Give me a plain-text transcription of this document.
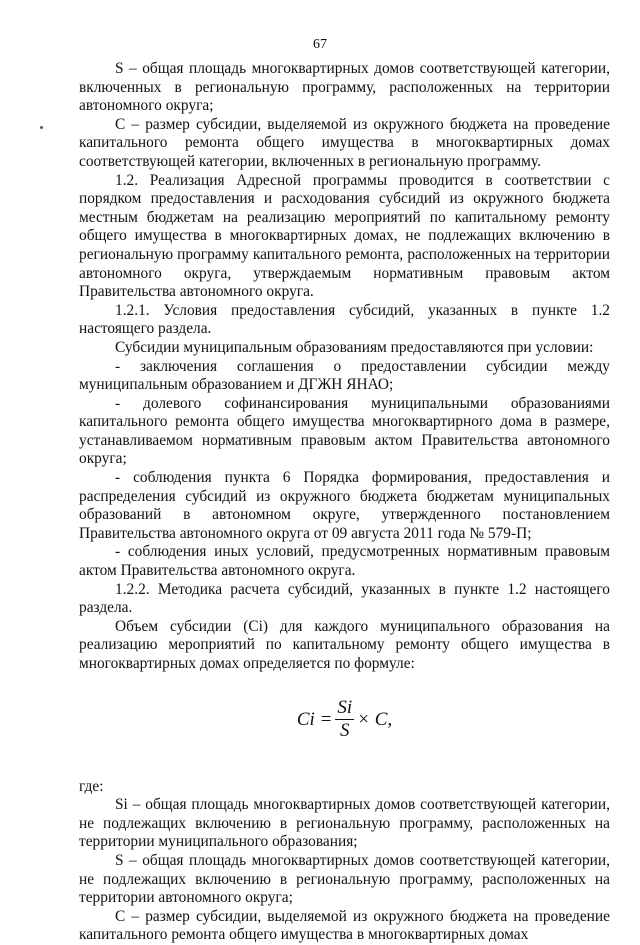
67

S – общая площадь многоквартирных домов соответствующей категории, включенных в региональную программу, расположенных на территории автономного округа;

С – размер субсидии, выделяемой из окружного бюджета на проведение капитального ремонта общего имущества в многоквартирных домах соответствующей категории, включенных в региональную программу.

1.2. Реализация Адресной программы проводится в соответствии с порядком предоставления и расходования субсидий из окружного бюджета местным бюджетам на реализацию мероприятий по капитальному ремонту общего имущества в многоквартирных домах, не подлежащих включению в региональную программу капитального ремонта, расположенных на территории автономного округа, утверждаемым нормативным правовым актом Правительства автономного округа.

1.2.1. Условия предоставления субсидий, указанных в пункте 1.2 настоящего раздела.

Субсидии муниципальным образованиям предоставляются при условии:

- заключения соглашения о предоставлении субсидии между муниципальным образованием и ДГЖН ЯНАО;

- долевого софинансирования муниципальными образованиями капитального ремонта общего имущества многоквартирного дома в размере, устанавливаемом нормативным правовым актом Правительства автономного округа;

- соблюдения пункта 6 Порядка формирования, предоставления и распределения субсидий из окружного бюджета бюджетам муниципальных образований в автономном округе, утвержденного постановлением Правительства автономного округа от 09 августа 2011 года № 579-П;

- соблюдения иных условий, предусмотренных нормативным правовым актом Правительства автономного округа.

1.2.2. Методика расчета субсидий, указанных в пункте 1.2 настоящего раздела.

Объем субсидии (Ci) для каждого муниципального образования на реализацию мероприятий по капитальному ремонту общего имущества в многоквартирных домах определяется по формуле:

$Ci = \frac{Si}{S} \times C$,

где:

Si – общая площадь многоквартирных домов соответствующей категории, не подлежащих включению в региональную программу, расположенных на территории муниципального образования;

S – общая площадь многоквартирных домов соответствующей категории, не подлежащих включению в региональную программу, расположенных на территории автономного округа;

С – размер субсидии, выделяемой из окружного бюджета на проведение капитального ремонта общего имущества в многоквартирных домах
